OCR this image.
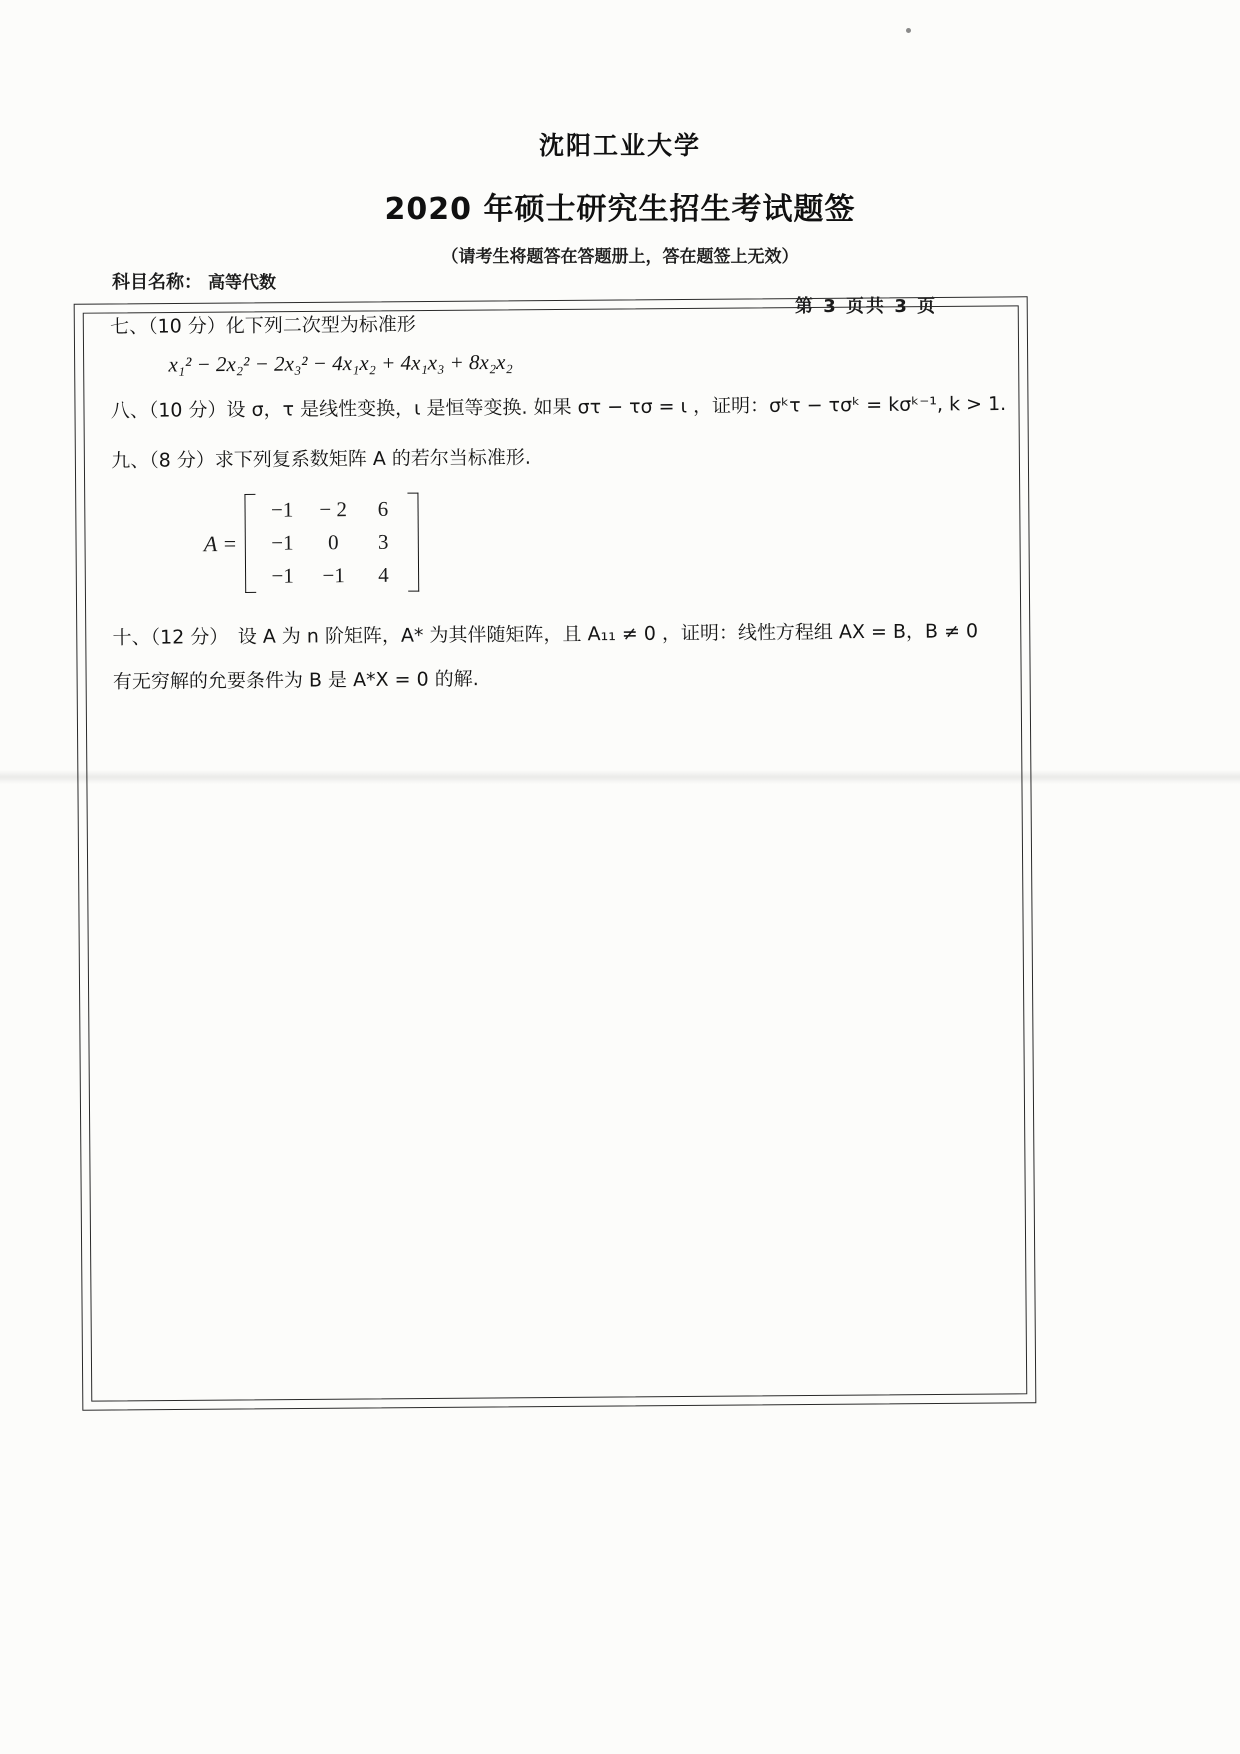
沈阳工业大学
2020 年硕士研究生招生考试题签
（请考生将题答在答题册上，答在题签上无效）
科目名称： 高等代数
第 3 页共 3 页
七、（10 分）化下列二次型为标准形
x₁² − 2x₂² − 2x₃² − 4x₁x₂ + 4x₁x₃ + 8x₂x₂
八、（10 分）设 σ，τ 是线性变换，ι 是恒等变换. 如果 στ − τσ = ι ，证明：σᵏτ − τσᵏ = kσᵏ⁻¹, k > 1.
九、（8 分）求下列复系数矩阵 A 的若尔当标准形.
A =
−1	− 2	6
−1	0	3
−1	−1	4
十、（12 分）　设 A 为 n 阶矩阵，A* 为其伴随矩阵，且 A₁₁ ≠ 0 ，证明：线性方程组 AX = B，B ≠ 0
有无穷解的允要条件为 B 是 A*X = 0 的解.
